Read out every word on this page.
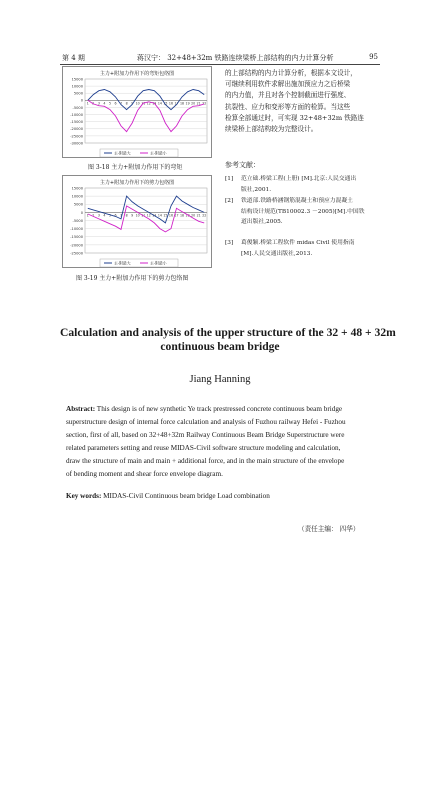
第 4 期	蒋汉宁： 32+48+32m 铁路连续梁桥上部结构的内力计算分析	95
15000
10000
5000
0
-5000
-10000
-15000
-20000
-25000
-30000
1 2 3 4 5 6 7 8 9 10 11 12 13 14 15 16 17 18 19 20 21 22
主-附最大	主-附最小
主力+附加力作用下的弯矩包络图
图 3-18 主力+附加力作用下的弯矩
15000
10000
5000
0
-5000
-10000
-15000
-20000
-25000
1 2 3 4 5 6 7 8 9 10 11 12 13 14 15 16 17 18 19 20 21 22
主-附最大	主-附最小
主力+附加力作用下的剪力包络图
图 3-19 主力+附加力作用下的剪力包络图
的上部结构的内力计算分析，根据本文设计，
可继续利用软件求解出施加预应力之后桥梁
的内力值，并且对各个控制截面进行强度、
抗裂性、应力和变形等方面的检算。当这些
检算全部通过时，可实现 32+48+32m 铁路连
续梁桥上部结构较为完整设计。
参考文献：
[1] 范立础.桥梁工程(上册) [M].北京:人民交通出
版社,2001.
[2] 铁道部.铁路桥涵钢筋混凝土和预应力混凝土
结构设计规范(TB10002.3 －2005)[M].中国铁
道出版社,2005.
[3] 葛俊颖.桥梁工程软件 midas Civil 使用指南
[M].人民交通出版社,2013.
Calculation and analysis of the upper structure of the 32 + 48 + 32m
continuous beam bridge
Jiang Hanning
Abstract: This design is of new synthetic Ye track prestressed concrete continuous beam bridge
superstructure design of internal force calculation and analysis of Fuzhou railway Hefei - Fuzhou
section, first of all, based on 32+48+32m Railway Continuous Beam Bridge Superstructure were
related parameters setting and reuse MIDAS-Civil software structure modeling and calculation,
draw the structure of main and main + additional force, and in the main structure of the envelope
of bending moment and shear force envelope diagram.
Key words: MIDAS-Civil Continuous beam bridge Load combination
（责任主编： 四华）
